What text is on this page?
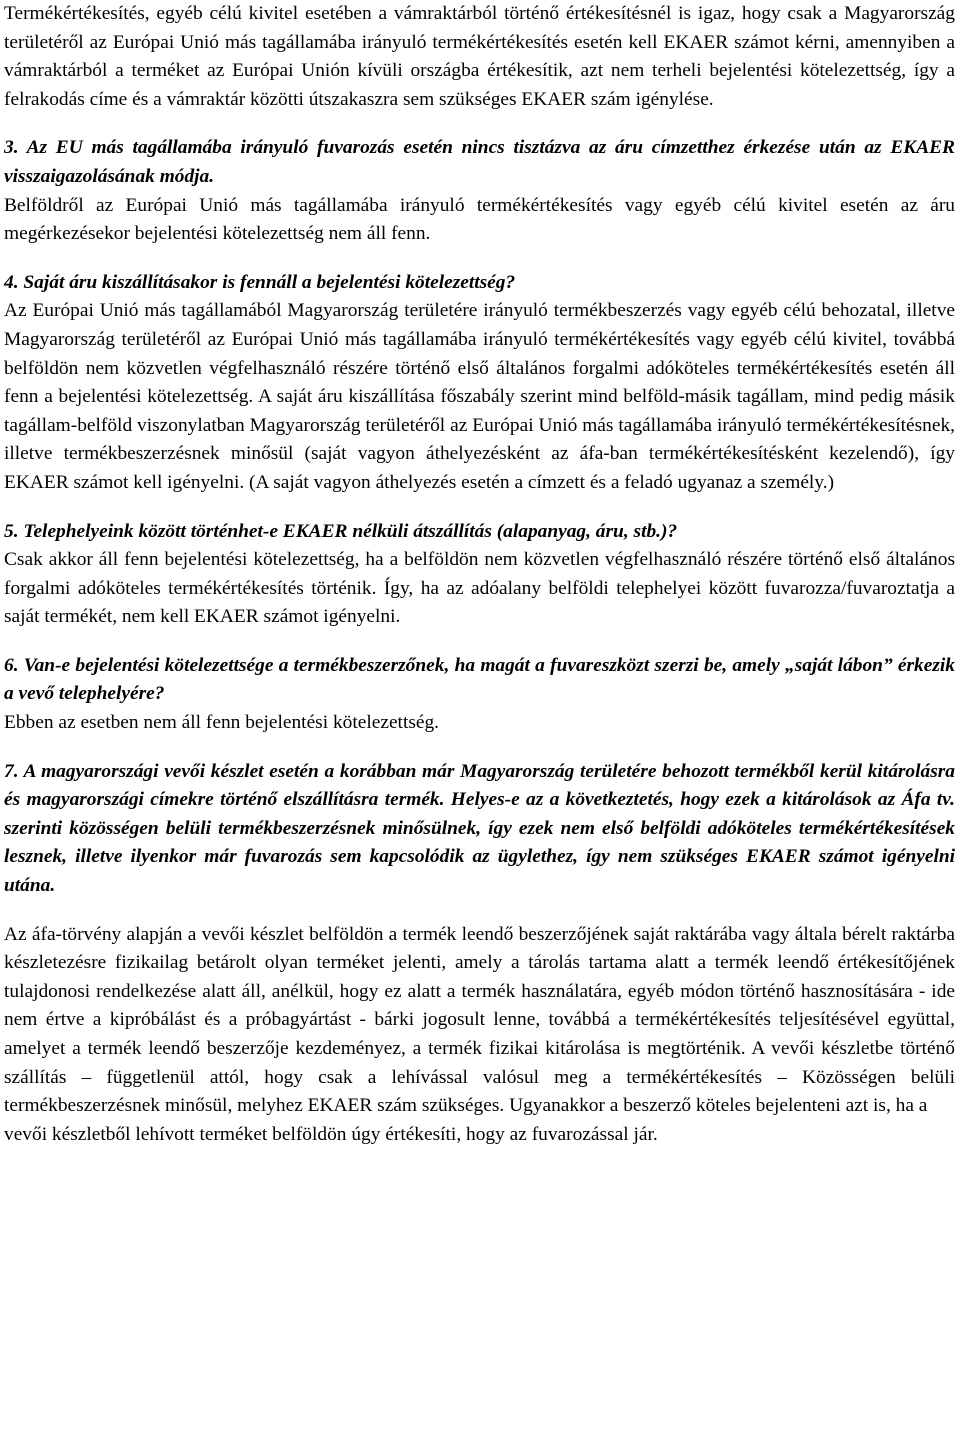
Termékértékesítés, egyéb célú kivitel esetében a vámraktárból történő értékesítésnél is igaz, hogy csak a Magyarország területéről az Európai Unió más tagállamába irányuló termékértékesítés esetén kell EKAER számot kérni, amennyiben a vámraktárból a terméket az Európai Unión kívüli országba értékesítik, azt nem terheli bejelentési kötelezettség, így a felrakodás címe és a vámraktár közötti útszakaszra sem szükséges EKAER szám igénylése.

3. Az EU más tagállamába irányuló fuvarozás esetén nincs tisztázva az áru címzetthez érkezése után az EKAER visszaigazolásának módja.

Belföldről az Európai Unió más tagállamába irányuló termékértékesítés vagy egyéb célú kivitel esetén az áru megérkezésekor bejelentési kötelezettség nem áll fenn.

4. Saját áru kiszállításakor is fennáll a bejelentési kötelezettség?

Az Európai Unió más tagállamából Magyarország területére irányuló termékbeszerzés vagy egyéb célú behozatal, illetve Magyarország területéről az Európai Unió más tagállamába irányuló termékértékesítés vagy egyéb célú kivitel, továbbá belföldön nem közvetlen végfelhasználó részére történő első általános forgalmi adóköteles termékértékesítés esetén áll fenn a bejelentési kötelezettség. A saját áru kiszállítása főszabály szerint mind belföld-másik tagállam, mind pedig másik tagállam-belföld viszonylatban Magyarország területéről az Európai Unió más tagállamába irányuló termékértékesítésnek, illetve termékbeszerzésnek minősül (saját vagyon áthelyezésként az áfa-ban termékértékesítésként kezelendő), így EKAER számot kell igényelni. (A saját vagyon áthelyezés esetén a címzett és a feladó ugyanaz a személy.)

5. Telephelyeink között történhet-e EKAER nélküli átszállítás (alapanyag, áru, stb.)?

Csak akkor áll fenn bejelentési kötelezettség, ha a belföldön nem közvetlen végfelhasználó részére történő első általános forgalmi adóköteles termékértékesítés történik. Így, ha az adóalany belföldi telephelyei között fuvarozza/fuvaroztatja a saját termékét, nem kell EKAER számot igényelni.

6. Van-e bejelentési kötelezettsége a termékbeszerzőnek, ha magát a fuvareszközt szerzi be, amely „saját lábon” érkezik a vevő telephelyére?

Ebben az esetben nem áll fenn bejelentési kötelezettség.

7. A magyarországi vevői készlet esetén a korábban már Magyarország területére behozott termékből kerül kitárolásra és magyarországi címekre történő elszállításra termék. Helyes-e az a következtetés, hogy ezek a kitárolások az Áfa tv. szerinti közösségen belüli termékbeszerzésnek minősülnek, így ezek nem első belföldi adóköteles termékértékesítések lesznek, illetve ilyenkor már fuvarozás sem kapcsolódik az ügylethez, így nem szükséges EKAER számot igényelni utána.

Az áfa-törvény alapján a vevői készlet belföldön a termék leendő beszerzőjének saját raktárába vagy általa bérelt raktárba készletezésre fizikailag betárolt olyan terméket jelenti, amely a tárolás tartama alatt a termék leendő értékesítőjének tulajdonosi rendelkezése alatt áll, anélkül, hogy ez alatt a termék használatára, egyéb módon történő hasznosítására - ide nem értve a kipróbálást és a próbagyártást - bárki jogosult lenne, továbbá a termékértékesítés teljesítésével együttal, amelyet a termék leendő beszerzője kezdeményez, a termék fizikai kitárolása is megtörténik. A vevői készletbe történő szállítás – függetlenül attól, hogy csak a lehívással valósul meg a termékértékesítés – Közösségen belüli termékbeszerzésnek minősül, melyhez EKAER szám szükséges. Ugyanakkor a beszerző köteles bejelenteni azt is, ha a

vevői készletből lehívott terméket belföldön úgy értékesíti, hogy az fuvarozással jár.
